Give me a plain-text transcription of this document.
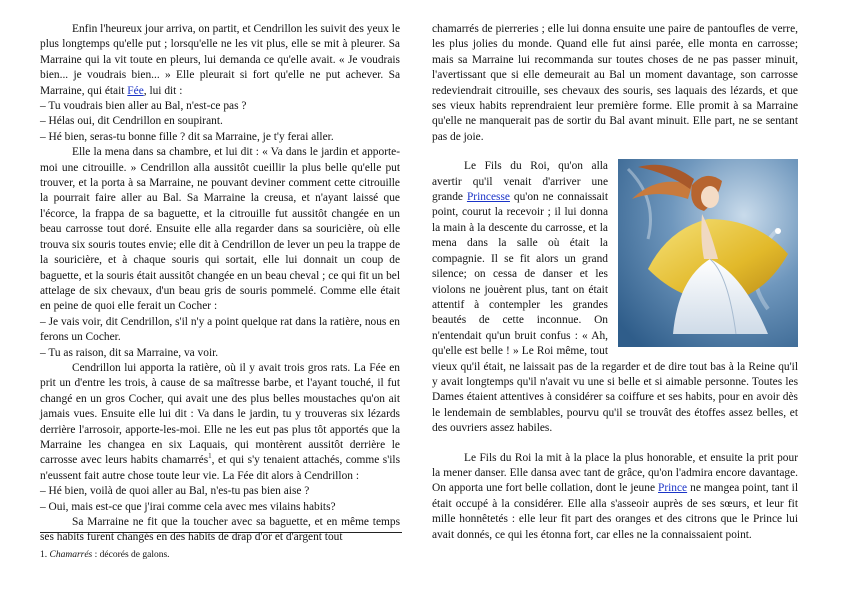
Enfin l'heureux jour arriva, on partit, et Cendrillon les suivit des yeux le plus longtemps qu'elle put ; lorsqu'elle ne les vit plus, elle se mit à pleurer. Sa Marraine qui la vit toute en pleurs, lui demanda ce qu'elle avait. « Je voudrais bien... je voudrais bien... » Elle pleurait si fort qu'elle ne put achever. Sa Marraine, qui était Fée, lui dit :

– Tu voudrais bien aller au Bal, n'est-ce pas ?

– Hélas oui, dit Cendrillon en soupirant.

– Hé bien, seras-tu bonne fille ? dit sa Marraine, je t'y ferai aller.

Elle la mena dans sa chambre, et lui dit : « Va dans le jardin et apporte-moi une citrouille. » Cendrillon alla aussitôt cueillir la plus belle qu'elle put trouver, et la porta à sa Marraine, ne pouvant deviner comment cette citrouille la pourrait faire aller au Bal. Sa Marraine la creusa, et n'ayant laissé que l'écorce, la frappa de sa baguette, et la citrouille fut aussitôt changée en un beau carrosse tout doré. Ensuite elle alla regarder dans sa souricière, où elle trouva six souris toutes envie; elle dit à Cendrillon de lever un peu la trappe de la souricière, et à chaque souris qui sortait, elle lui donnait un coup de baguette, et la souris était aussitôt changée en un beau cheval ; ce qui fit un bel attelage de six chevaux, d'un beau gris de souris pommelé. Comme elle était en peine de quoi elle ferait un Cocher :

– Je vais voir, dit Cendrillon, s'il n'y a point quelque rat dans la ratière, nous en ferons un Cocher.

– Tu as raison, dit sa Marraine, va voir.

Cendrillon lui apporta la ratière, où il y avait trois gros rats. La Fée en prit un d'entre les trois, à cause de sa maîtresse barbe, et l'ayant touché, il fut changé en un gros Cocher, qui avait une des plus belles moustaches qu'on ait jamais vues. Ensuite elle lui dit : Va dans le jardin, tu y trouveras six lézards derrière l'arrosoir, apporte-les-moi. Elle ne les eut pas plus tôt apportés que la Marraine les changea en six Laquais, qui montèrent aussitôt derrière le carrosse avec leurs habits chamarrés$^1$, et qui s'y tenaient attachés, comme s'ils n'eussent fait autre chose toute leur vie. La Fée dit alors à Cendrillon :

– Hé bien, voilà de quoi aller au Bal, n'es-tu pas bien aise ?

– Oui, mais est-ce que j'irai comme cela avec mes vilains habits?

Sa Marraine ne fit que la toucher avec sa baguette, et en même temps ses habits furent changés en des habits de drap d'or et d'argent tout

chamarrés de pierreries ; elle lui donna ensuite une paire de pantoufles de verre, les plus jolies du monde. Quand elle fut ainsi parée, elle monta en carrosse; mais sa Marraine lui recommanda sur toutes choses de ne pas passer minuit, l'avertissant que si elle demeurait au Bal un moment davantage, son carrosse redeviendrait citrouille, ses chevaux des souris, ses laquais des lézards, et que ses vieux habits reprendraient leur première forme. Elle promit à sa Marraine qu'elle ne manquerait pas de sortir du Bal avant minuit. Elle part, ne se sentant pas de joie.

Le Fils du Roi, qu'on alla avertir qu'il venait d'arriver une grande Princesse qu'on ne connaissait point, courut la recevoir ; il lui donna la main à la descente du carrosse, et la mena dans la salle où était la compagnie. Il se fit alors un grand silence; on cessa de danser et les violons ne jouèrent plus, tant on était attentif à contempler les grandes beautés de cette inconnue. On n'entendait qu'un bruit confus : « Ah, qu'elle est belle ! » Le Roi même, tout vieux qu'il était, ne laissait pas de la regarder et de dire tout bas à la Reine qu'il y avait longtemps qu'il n'avait vu une si belle et si aimable personne. Toutes les Dames étaient attentives à considérer sa coiffure et ses habits, pour en avoir dès le lendemain de semblables, pourvu qu'il se trouvât des étoffes assez belles, et des ouvriers assez habiles.

Le Fils du Roi la mit à la place la plus honorable, et ensuite la prit pour la mener danser. Elle dansa avec tant de grâce, qu'on l'admira encore davantage. On apporta une fort belle collation, dont le jeune Prince ne mangea point, tant il était occupé à la considérer. Elle alla s'asseoir auprès de ses sœurs, et leur fit mille honnêtetés : elle leur fit part des oranges et des citrons que le Prince lui avait donnés, ce qui les étonna fort, car elles ne la connaissaient point.

1. Chamarrés : décorés de galons.
